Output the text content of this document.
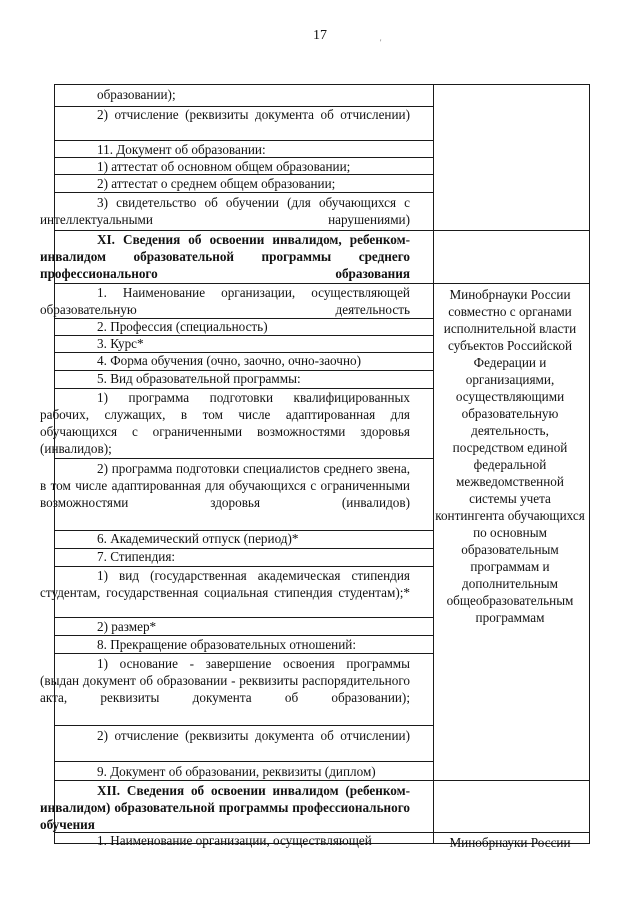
17	'
образовании);
2) отчисление (реквизиты документа об отчислении)
11. Документ об образовании:
1) аттестат об основном общем образовании;
2) аттестат о среднем общем образовании;
3) свидетельство об обучении (для обучающихся с интеллектуальными нарушениями)
XI. Сведения об освоении инвалидом, ребенком-инвалидом образовательной программы среднего профессионального образования
1. Наименование организации, осуществляющей образовательную деятельность
2. Профессия (специальность)
3. Курс*
4. Форма обучения (очно, заочно, очно-заочно)
5. Вид образовательной программы:
1) программа подготовки квалифицированных рабочих, служащих, в том числе адаптированная для обучающихся с ограниченными возможностями здоровья (инвалидов);
2) программа подготовки специалистов среднего звена, в том числе адаптированная для обучающихся с ограниченными возможностями здоровья (инвалидов)
6. Академический отпуск (период)*
7. Стипендия:
1) вид (государственная академическая стипендия студентам, государственная социальная стипендия студентам);*
2) размер*
8. Прекращение образовательных отношений:
1) основание - завершение освоения программы (выдан документ об образовании - реквизиты распорядительного акта, реквизиты документа об образовании);
2) отчисление (реквизиты документа об отчислении)
9. Документ об образовании, реквизиты (диплом)
XII. Сведения об освоении инвалидом (ребенком-инвалидом) образовательной программы профессионального обучения
1. Наименование организации, осуществляющей
Минобрнауки России совместно с органами исполнительной власти субъектов Российской Федерации и организациями, осуществляющими образовательную деятельность, посредством единой федеральной межведомственной системы учета контингента обучающихся по основным образовательным программам и дополнительным общеобразовательным программам
Минобрнауки России
